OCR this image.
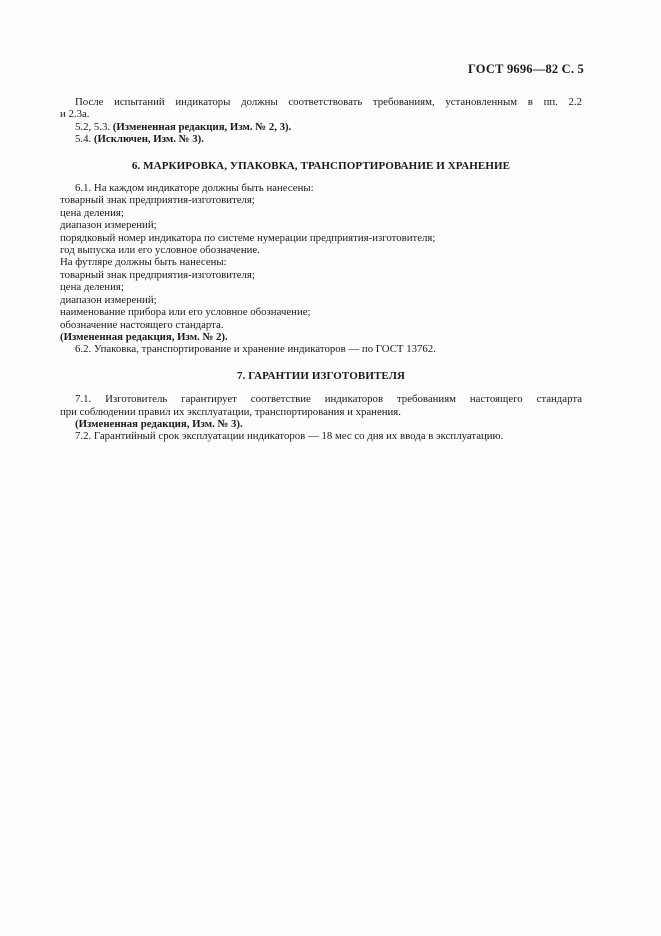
ГОСТ 9696—82 С. 5

После испытаний индикаторы должны соответствовать требованиям, установленным в пп. 2.2

и 2.3а.

5.2, 5.3. (Измененная редакция, Изм. № 2, 3).

5.4. (Исключен, Изм. № 3).

6. МАРКИРОВКА, УПАКОВКА, ТРАНСПОРТИРОВАНИЕ И ХРАНЕНИЕ

6.1. На каждом индикаторе должны быть нанесены:

товарный знак предприятия-изготовителя;

цена деления;

диапазон измерений;

порядковый номер индикатора по системе нумерации предприятия-изготовителя;

год выпуска или его условное обозначение.

На футляре должны быть нанесены:

товарный знак предприятия-изготовителя;

цена деления;

диапазон измерений;

наименование прибора или его условное обозначение;

обозначение настоящего стандарта.

(Измененная редакция, Изм. № 2).

6.2. Упаковка, транспортирование и хранение индикаторов — по ГОСТ 13762.

7. ГАРАНТИИ ИЗГОТОВИТЕЛЯ

7.1. Изготовитель гарантирует соответствие индикаторов требованиям настоящего стандарта

при соблюдении правил их эксплуатации, транспортирования и хранения.

(Измененная редакция, Изм. № 3).

7.2. Гарантийный срок эксплуатации индикаторов — 18 мес со дня их ввода в эксплуатацию.
